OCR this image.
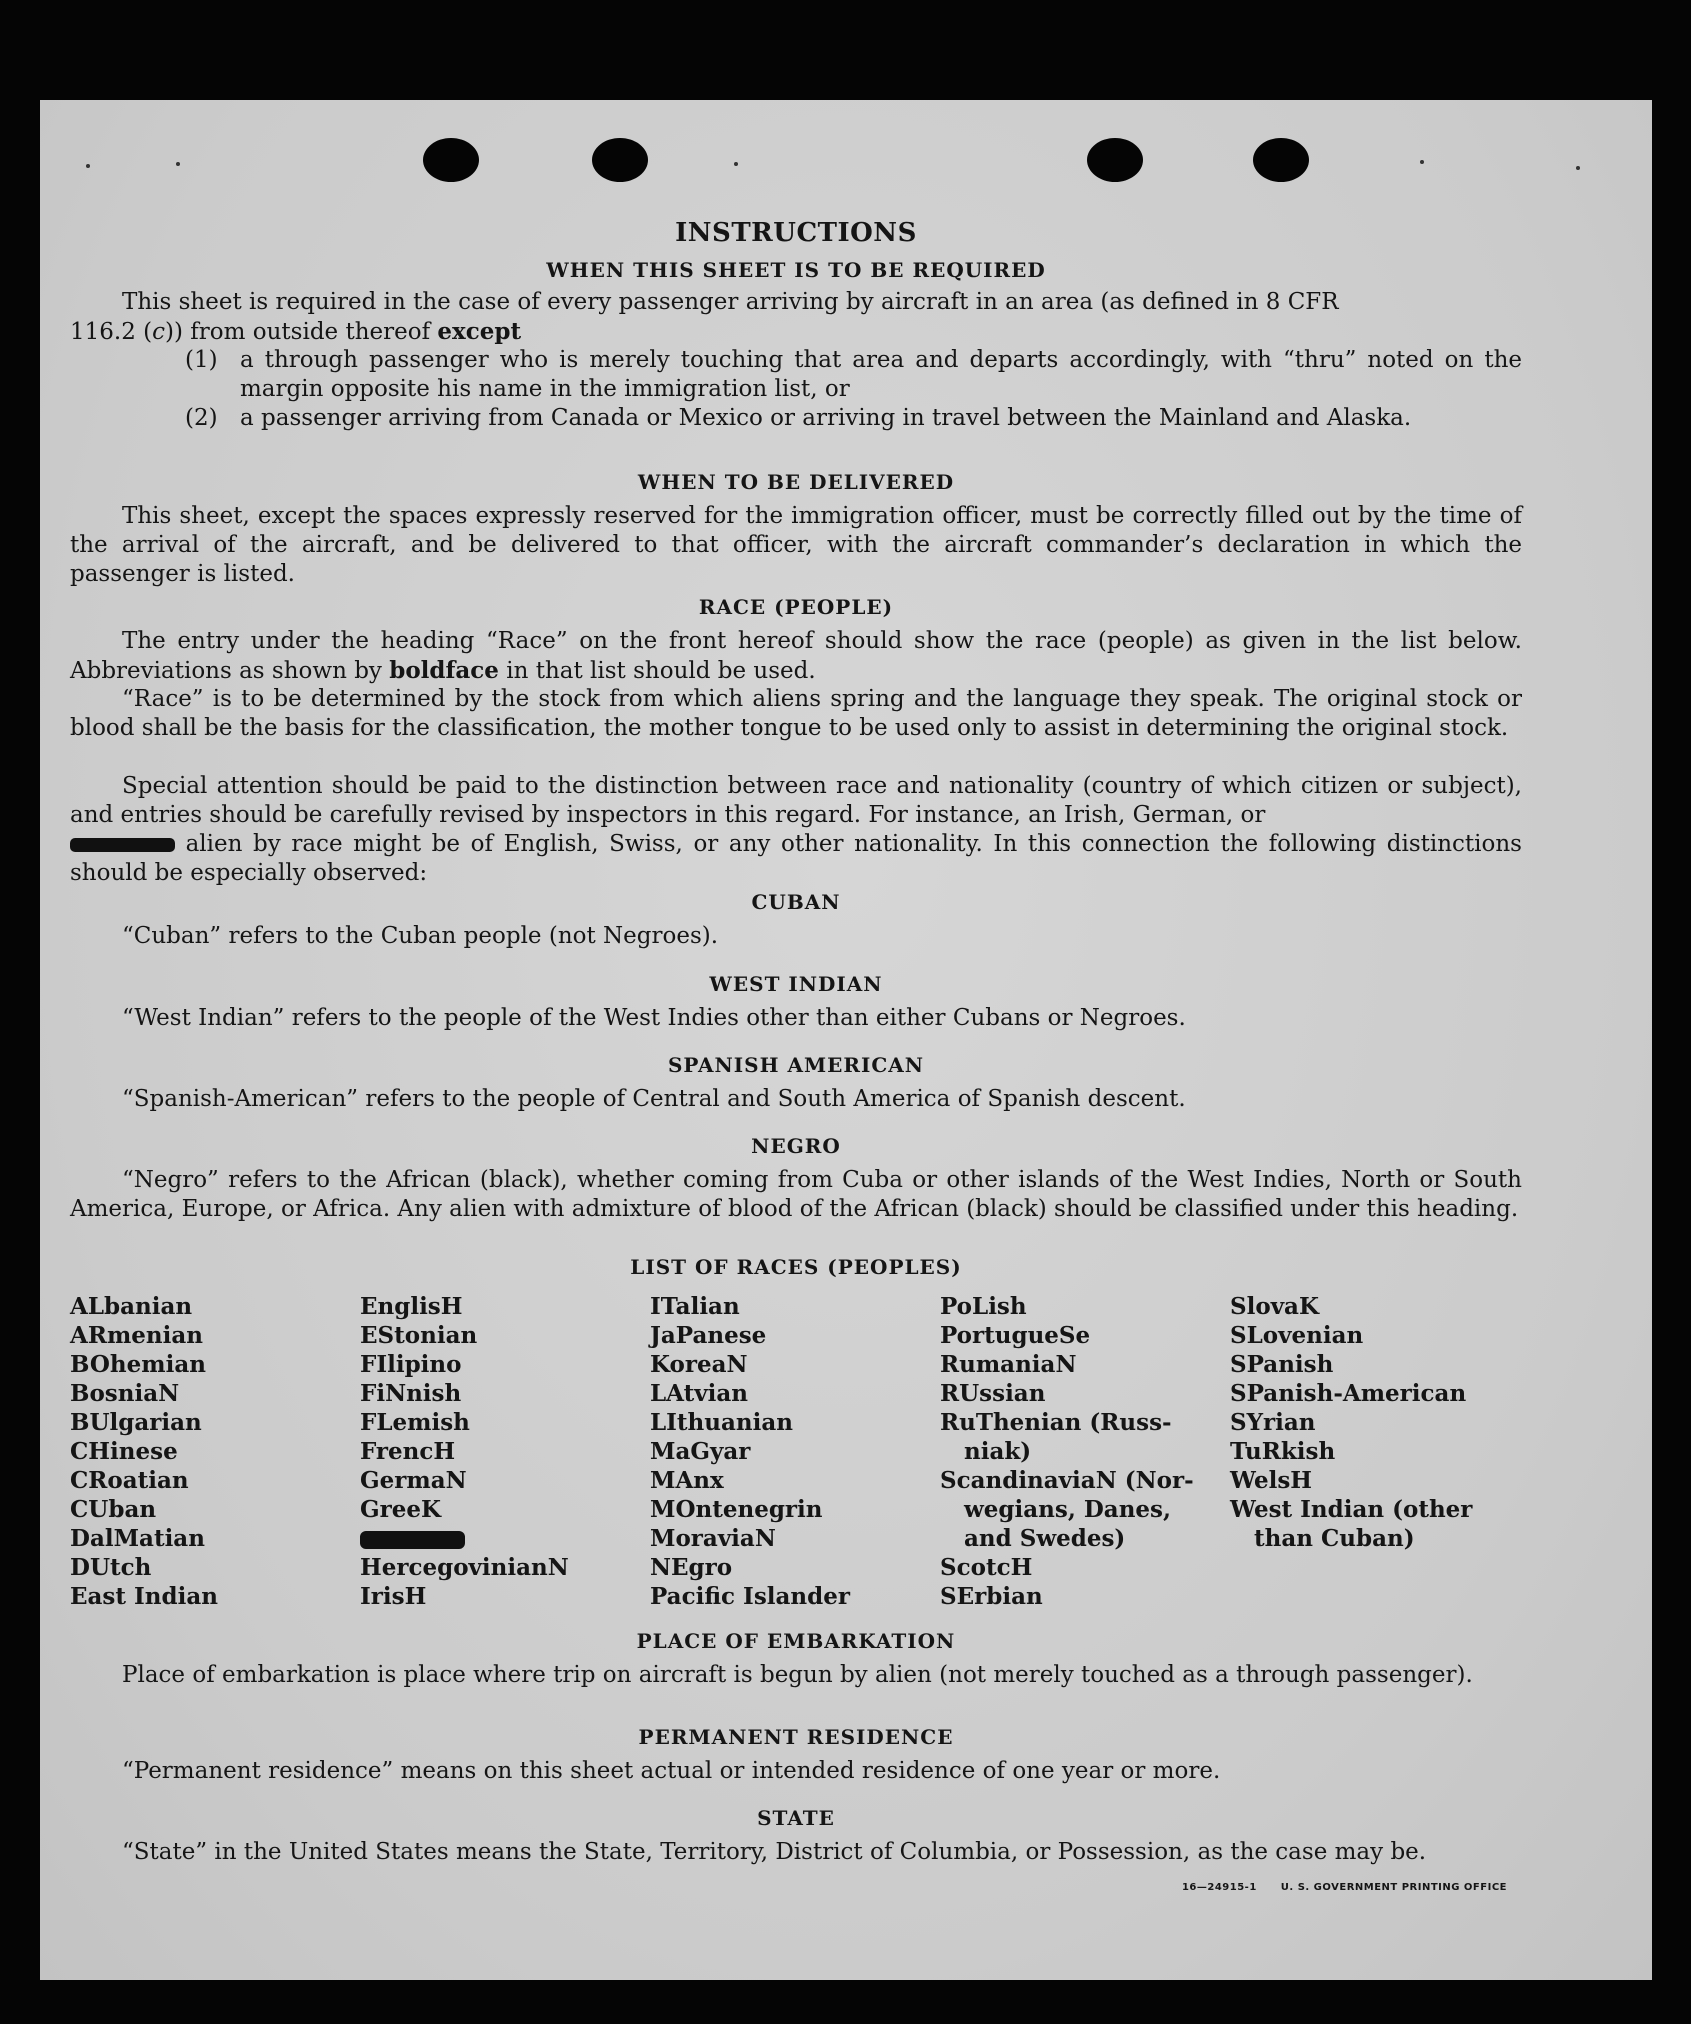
INSTRUCTIONS
WHEN THIS SHEET IS TO BE REQUIRED

This sheet is required in the case of every passenger arriving by aircraft in an area (as defined in 8 CFR
116.2 (c)) from outside thereof except

(1) a through passenger who is merely touching that area and departs accordingly, with “thru” noted on the margin opposite his name in the immigration list, or
(2) a passenger arriving from Canada or Mexico or arriving in travel between the Mainland and Alaska.
WHEN TO BE DELIVERED

This sheet, except the spaces expressly reserved for the immigration officer, must be correctly filled out by the time of the arrival of the aircraft, and be delivered to that officer, with the aircraft commander’s declaration in which the passenger is listed.

RACE (PEOPLE)

The entry under the heading “Race” on the front hereof should show the race (people) as given in the list below. Abbreviations as shown by boldface in that list should be used.

“Race” is to be determined by the stock from which aliens spring and the language they speak. The original stock or blood shall be the basis for the classification, the mother tongue to be used only to assist in determining the original stock.

Special attention should be paid to the distinction between race and nationality (country of which citizen or subject), and entries should be carefully revised by inspectors in this regard. For instance, an Irish, German, or
alien by race might be of English, Swiss, or any other nationality. In this connection the following distinctions should be especially observed:

CUBAN

“Cuban” refers to the Cuban people (not Negroes).

WEST INDIAN

“West Indian” refers to the people of the West Indies other than either Cubans or Negroes.

SPANISH AMERICAN

“Spanish-American” refers to the people of Central and South America of Spanish descent.

NEGRO

“Negro” refers to the African (black), whether coming from Cuba or other islands of the West Indies, North or South America, Europe, or Africa. Any alien with admixture of blood of the African (black) should be classified under this heading.

LIST OF RACES (PEOPLES)
ALbanian
ARmenian
BOhemian
BosniaN
BUlgarian
CHinese
CRoatian
CUban
DalMatian
DUtch
East Indian
EnglisH
EStonian
FIlipino
FiNnish
FLemish
FrencH
GermaN
GreeK
HercegovinianN
IrisH
ITalian
JaPanese
KoreaN
LAtvian
LIthuanian
MaGyar
MAnx
MOntenegrin
MoraviaN
NEgro
Pacific Islander
PoLish
PortugueSe
RumaniaN
RUssian
RuThenian (Russ-
niak)
ScandinaviaN (Nor-
wegians, Danes,
and Swedes)
ScotcH
SErbian
SlovaK
SLovenian
SPanish
SPanish-American
SYrian
TuRkish
WelsH
West Indian (other
than Cuban)
PLACE OF EMBARKATION

Place of embarkation is place where trip on aircraft is begun by alien (not merely touched as a through passenger).

PERMANENT RESIDENCE

“Permanent residence” means on this sheet actual or intended residence of one year or more.

STATE

“State” in the United States means the State, Territory, District of Columbia, or Possession, as the case may be.

16—24915-1 U. S. GOVERNMENT PRINTING OFFICE
